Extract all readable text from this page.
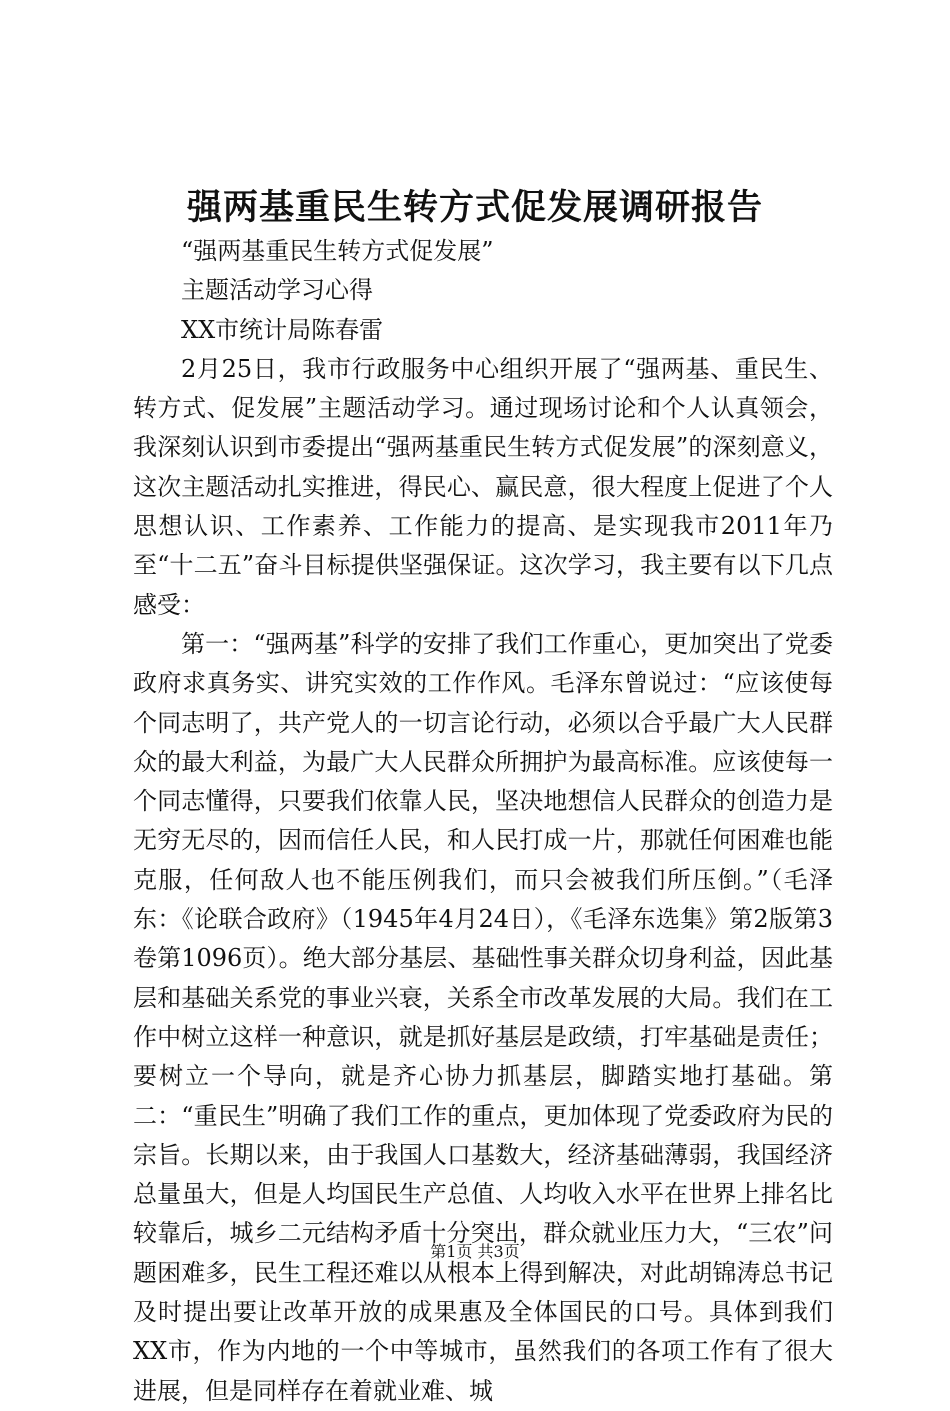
强两基重民生转方式促发展调研报告

“强两基重民生转方式促发展”

主题活动学习心得

XX市统计局陈春雷

2月25日，我市行政服务中心组织开展了“强两基、重民生、转方式、促发展”主题活动学习。通过现场讨论和个人认真领会，我深刻认识到市委提出“强两基重民生转方式促发展”的深刻意义，这次主题活动扎实推进，得民心、赢民意，很大程度上促进了个人思想认识、工作素养、工作能力的提高、是实现我市2011年乃至“十二五”奋斗目标提供坚强保证。这次学习，我主要有以下几点感受：

第一：“强两基”科学的安排了我们工作重心，更加突出了党委政府求真务实、讲究实效的工作作风。毛泽东曾说过：“应该使每个同志明了，共产党人的一切言论行动，必须以合乎最广大人民群众的最大利益，为最广大人民群众所拥护为最高标准。应该使每一个同志懂得，只要我们依靠人民，坚决地想信人民群众的创造力是无穷无尽的，因而信任人民，和人民打成一片，那就任何困难也能克服，任何敌人也不能压例我们，而只会被我们所压倒。”（毛泽东：《论联合政府》（1945年4月24日），《毛泽东选集》第2版第3卷第1096页）。绝大部分基层、基础性事关群众切身利益，因此基层和基础关系党的事业兴衰，关系全市改革发展的大局。我们在工作中树立这样一种意识，就是抓好基层是政绩，打牢基础是责任；要树立一个导向，就是齐心协力抓基层，脚踏实地打基础。第二：“重民生”明确了我们工作的重点，更加体现了党委政府为民的宗旨。长期以来，由于我国人口基数大，经济基础薄弱，我国经济总量虽大，但是人均国民生产总值、人均收入水平在世界上排名比较靠后，城乡二元结构矛盾十分突出，群众就业压力大，“三农”问题困难多，民生工程还难以从根本上得到解决，对此胡锦涛总书记及时提出要让改革开放的成果惠及全体国民的口号。具体到我们XX市，作为内地的一个中等城市，虽然我们的各项工作有了很大进展，但是同样存在着就业难、城

第1页 共3页
